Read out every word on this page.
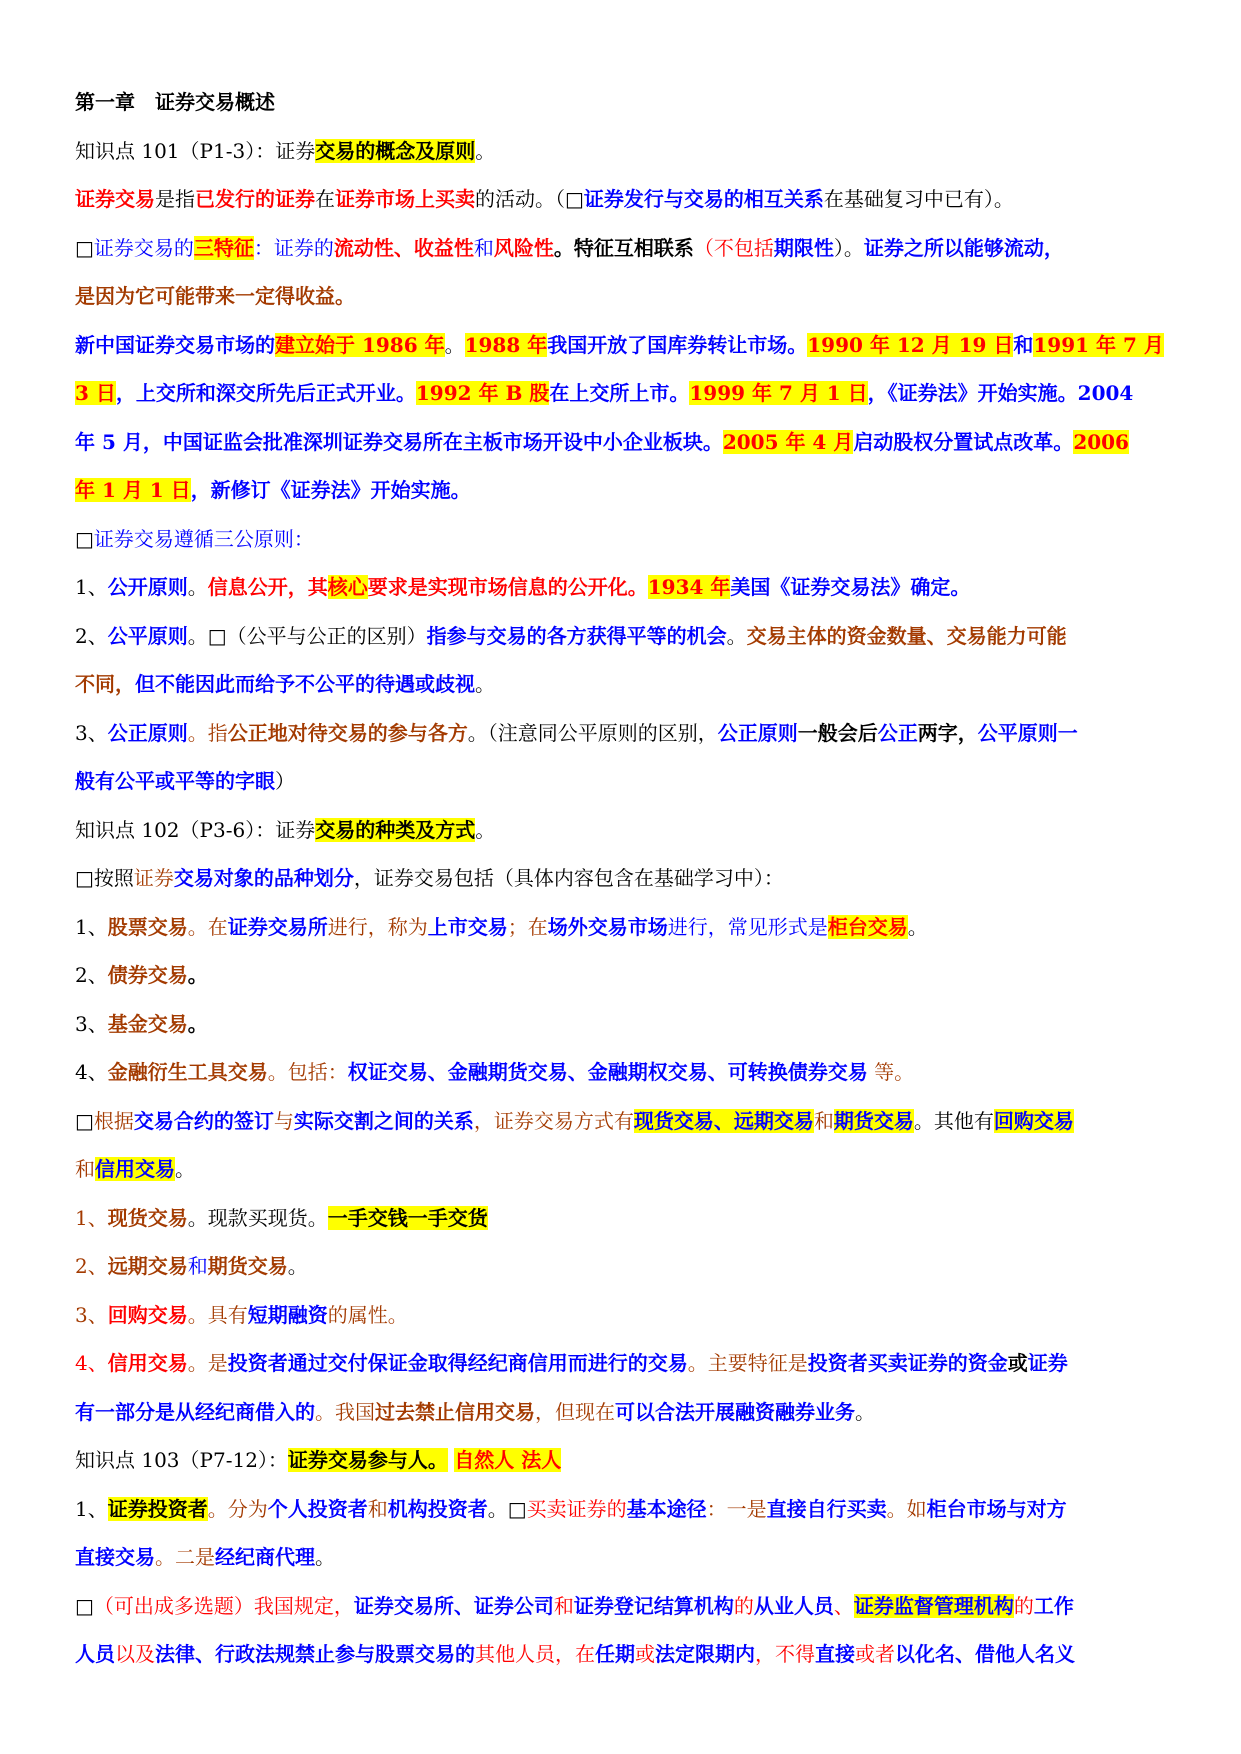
第一章　证券交易概述
知识点 101（P1-3）：证券交易的概念及原则。
证券交易是指已发行的证券在证券市场上买卖的活动。（□证券发行与交易的相互关系在基础复习中已有）。
□证券交易的三特征：证券的流动性、收益性和风险性。特征互相联系（不包括期限性）。证券之所以能够流动，
是因为它可能带来一定得收益。
新中国证券交易市场的建立始于 1986 年。1988 年我国开放了国库券转让市场。1990 年 12 月 19 日和1991 年 7 月
3 日，上交所和深交所先后正式开业。1992 年 B 股在上交所上市。1999 年 7 月 1 日，《证券法》开始实施。2004
年 5 月，中国证监会批准深圳证券交易所在主板市场开设中小企业板块。2005 年 4 月启动股权分置试点改革。2006
年 1 月 1 日，新修订《证券法》开始实施。
□证券交易遵循三公原则：
1、公开原则。信息公开，其核心要求是实现市场信息的公开化。1934 年美国《证券交易法》确定。
2、公平原则。□（公平与公正的区别）指参与交易的各方获得平等的机会。交易主体的资金数量、交易能力可能
不同，但不能因此而给予不公平的待遇或歧视。
3、公正原则。指公正地对待交易的参与各方。（注意同公平原则的区别，公正原则一般会后公正两字，公平原则一
般有公平或平等的字眼）
知识点 102（P3-6）：证券交易的种类及方式。
□按照证券交易对象的品种划分，证券交易包括（具体内容包含在基础学习中）：
1、股票交易。在证券交易所进行，称为上市交易；在场外交易市场进行，常见形式是柜台交易。
2、债券交易。
3、基金交易。
4、金融衍生工具交易。包括：权证交易、金融期货交易、金融期权交易、可转换债券交易 等。
□根据交易合约的签订与实际交割之间的关系，证券交易方式有现货交易、远期交易和期货交易。其他有回购交易
和信用交易。
1、现货交易。现款买现货。一手交钱一手交货
2、远期交易和期货交易。
3、回购交易。具有短期融资的属性。
4、信用交易。是投资者通过交付保证金取得经纪商信用而进行的交易。主要特征是投资者买卖证券的资金或证券
有一部分是从经纪商借入的。我国过去禁止信用交易，但现在可以合法开展融资融券业务。
知识点 103（P7-12）：证券交易参与人。 自然人 法人
1、证券投资者。分为个人投资者和机构投资者。□买卖证券的基本途径：一是直接自行买卖。如柜台市场与对方
直接交易。二是经纪商代理。
□（可出成多选题）我国规定，证券交易所、证券公司和证券登记结算机构的从业人员、证券监督管理机构的工作
人员以及法律、行政法规禁止参与股票交易的其他人员，在任期或法定限期内，不得直接或者以化名、借他人名义
